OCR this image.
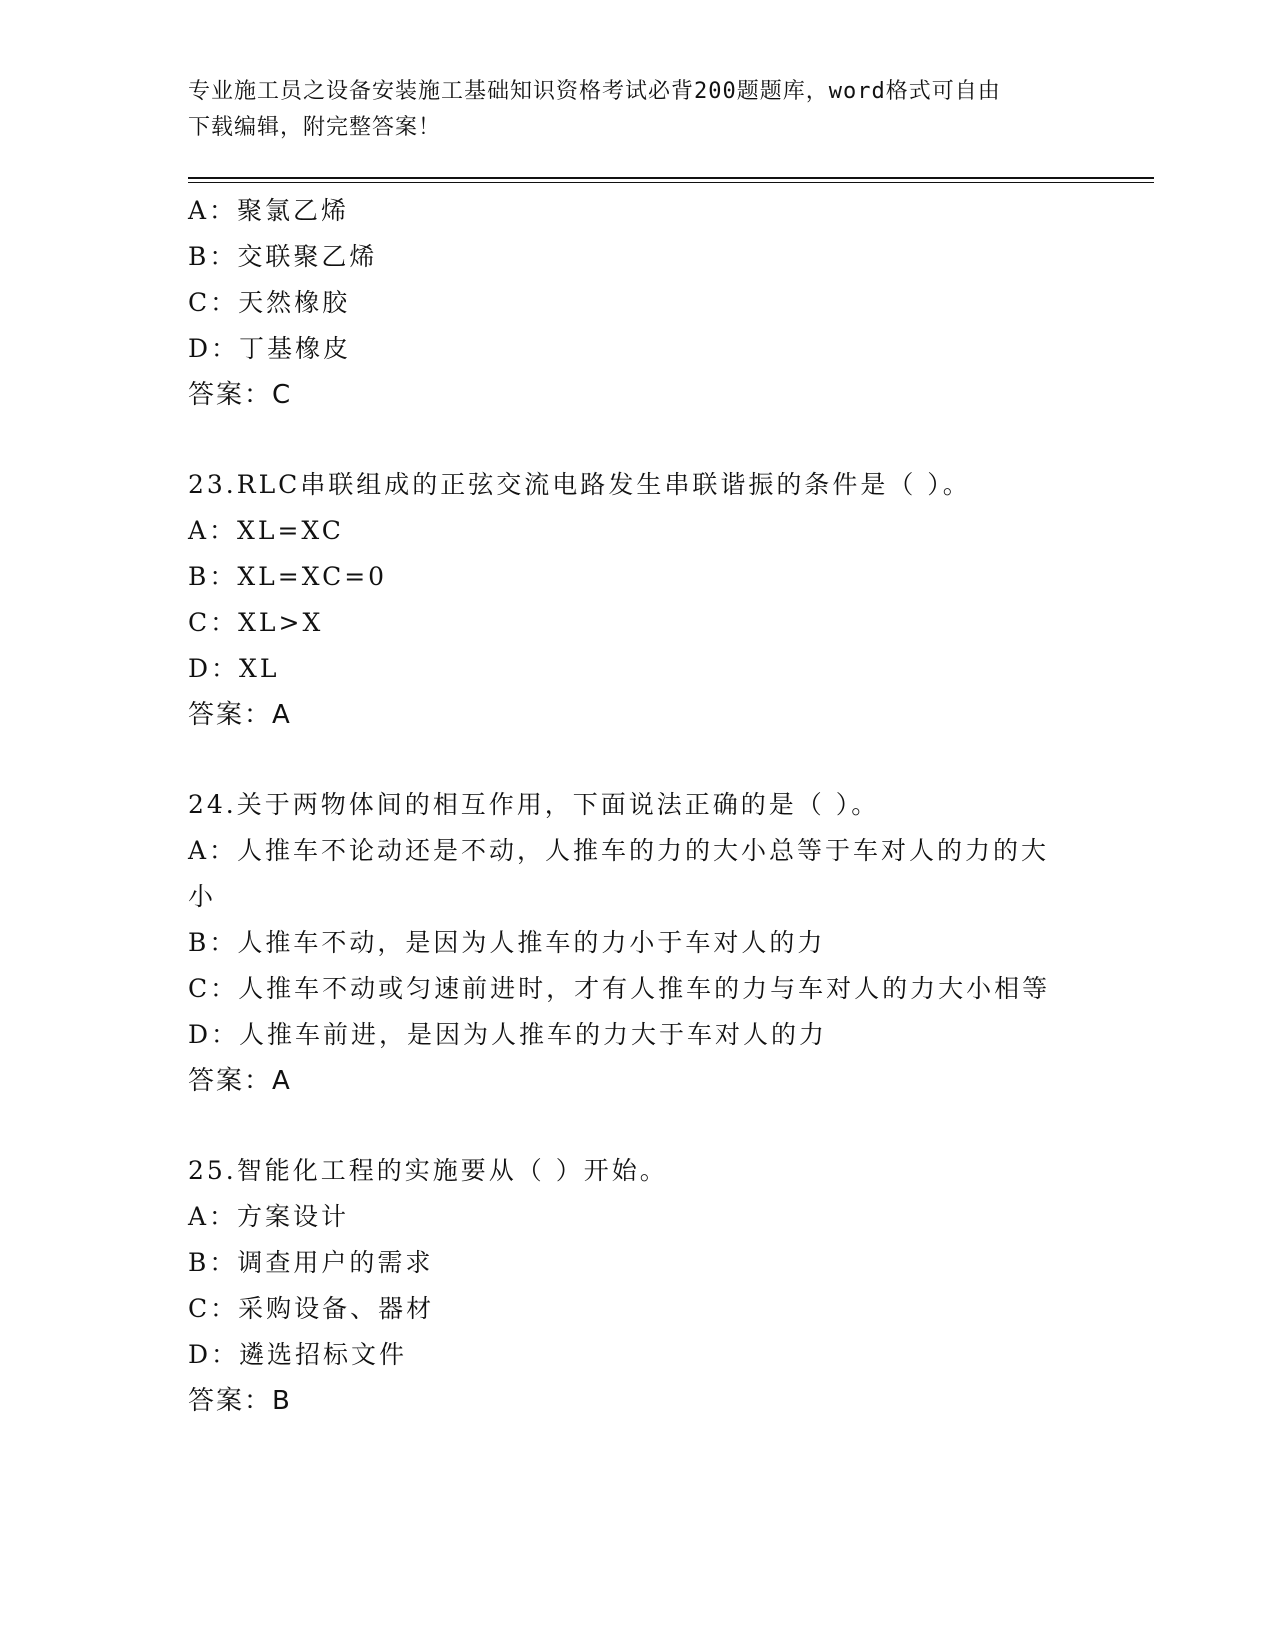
专业施工员之设备安装施工基础知识资格考试必背200题题库，word格式可自由
下载编辑，附完整答案！
A：聚氯乙烯
B：交联聚乙烯
C：天然橡胶
D：丁基橡皮
答案：C
23.RLC串联组成的正弦交流电路发生串联谐振的条件是（ ）。
A：XL=XC
B：XL=XC=0
C：XL>X
D：XL
答案：A
24.关于两物体间的相互作用，下面说法正确的是（ ）。
A：人推车不论动还是不动，人推车的力的大小总等于车对人的力的大
小
B：人推车不动，是因为人推车的力小于车对人的力
C：人推车不动或匀速前进时，才有人推车的力与车对人的力大小相等
D：人推车前进，是因为人推车的力大于车对人的力
答案：A
25.智能化工程的实施要从（ ）开始。
A：方案设计
B：调查用户的需求
C：采购设备、器材
D：遴选招标文件
答案：B
